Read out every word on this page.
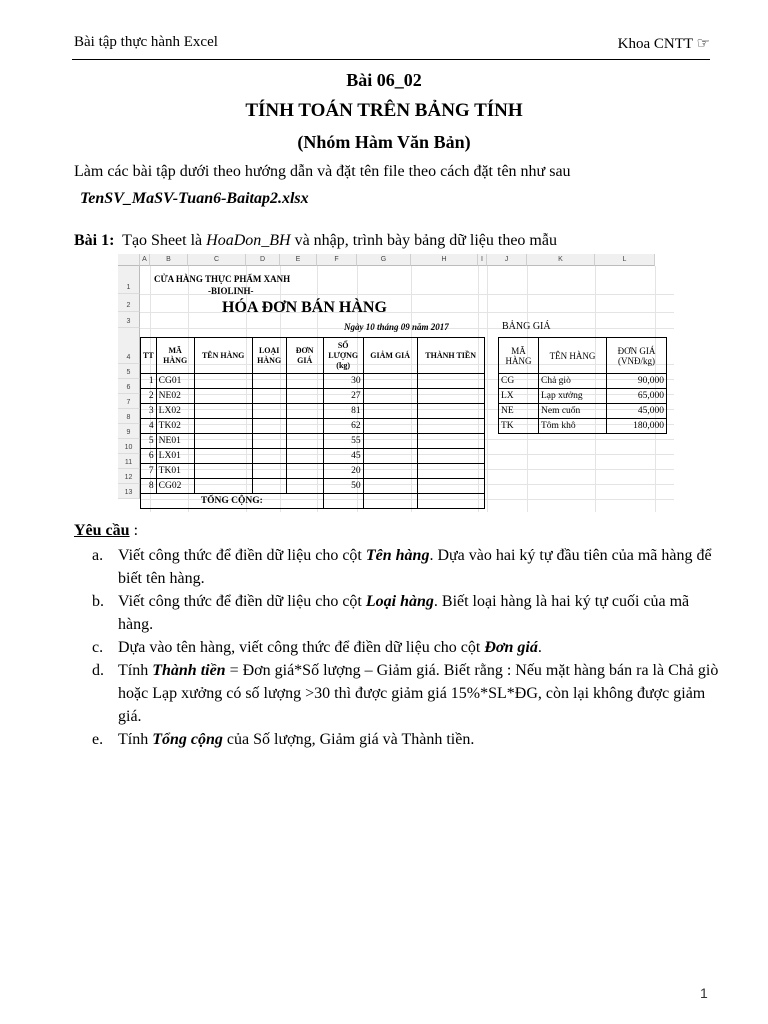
Bài tập thực hành Excel	Khoa CNTT ☞
Bài 06_02
TÍNH TOÁN TRÊN BẢNG TÍNH
(Nhóm Hàm Văn Bản)
Làm các bài tập dưới theo hướng dẫn và đặt tên file theo cách đặt tên như sau
TenSV_MaSV-Tuan6-Baitap2.xlsx
Bài 1: Tạo Sheet là HoaDon_BH và nhập, trình bày bảng dữ liệu theo mẫu
A	B	C	D	E	F	G	H	I	J	K	L
1
2
3
4
5
6
7
8
9
10
11
12
13
CỬA HÀNG THỰC PHẨM XANH
-BIOLINH-
HÓA ĐƠN BÁN HÀNG
Ngày 10 tháng 09 năm 2017	BẢNG GIÁ
TT	MÃ HÀNG	TÊN HÀNG	LOẠI HÀNG	ĐƠN GIÁ	SỐ LƯỢNG (kg)	GIẢM GIÁ	THÀNH TIỀN
1	CG01				30		
2	NE02				27		
3	LX02				81		
4	TK02				62		
5	NE01				55		
6	LX01				45		
7	TK01				20		
8	CG02				50		
TỔNG CỘNG:							
MÃ HÀNG	TÊN HÀNG	ĐƠN GIÁ (VNĐ/kg)
CG	Chả giò	90,000
LX	Lạp xưởng	65,000
NE	Nem cuốn	45,000
TK	Tôm khô	180,000
Yêu cầu :
a. Viết công thức để điền dữ liệu cho cột Tên hàng. Dựa vào hai ký tự đầu tiên của mã hàng để biết tên hàng.
b. Viết công thức để điền dữ liệu cho cột Loại hàng. Biết loại hàng là hai ký tự cuối của mã hàng.
c. Dựa vào tên hàng, viết công thức để điền dữ liệu cho cột Đơn giá.
d. Tính Thành tiền = Đơn giá*Số lượng – Giảm giá. Biết rằng : Nếu mặt hàng bán ra là Chả giò hoặc Lạp xưởng có số lượng >30 thì được giảm giá 15%*SL*ĐG, còn lại không được giảm giá.
e. Tính Tổng cộng của Số lượng, Giảm giá và Thành tiền.
1
